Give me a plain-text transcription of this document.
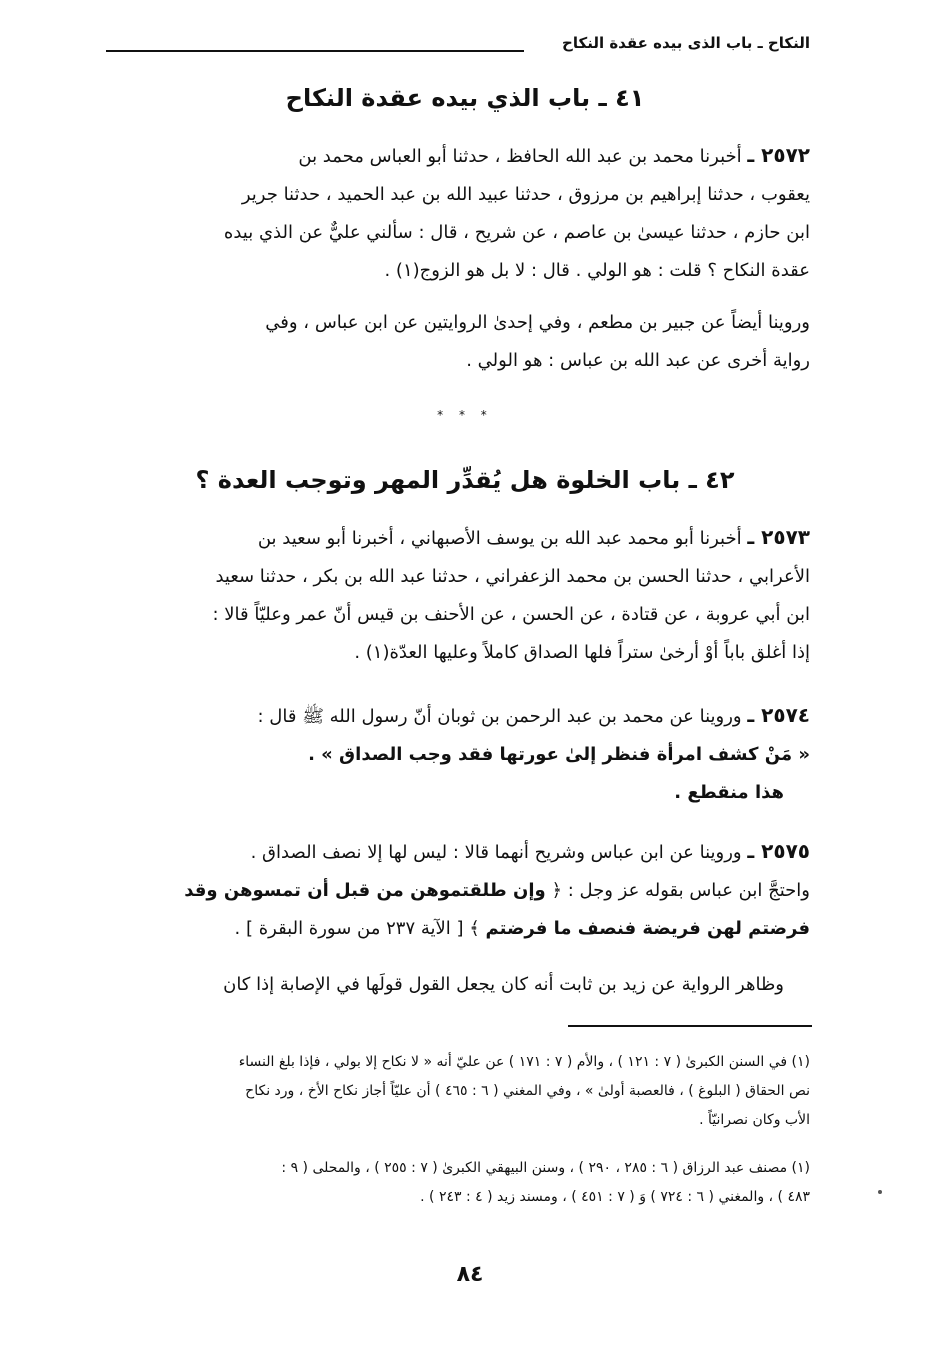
النكاح ـ باب الذى بيده عقدة النكاح
٤١ ـ باب الذي بيده عقدة النكاح
٢٥٧٢ ـ أخبرنا محمد بن عبد الله الحافظ ، حدثنا أبو العباس محمد بن
يعقوب ، حدثنا إبراهيم بن مرزوق ، حدثنا عبيد الله بن عبد الحميد ، حدثنا جرير
ابن حازم ، حدثنا عيسىٰ بن عاصم ، عن شريح ، قال : سألني عليٌّ عن الذي بيده
عقدة النكاح ؟ قلت : هو الولي . قال : لا بل هو الزوج(١) .
وروينا أيضاً عن جبير بن مطعم ، وفي إحدىٰ الروايتين عن ابن عباس ، وفي
رواية أخرى عن عبد الله بن عباس : هو الولي .
* * *
٤٢ ـ باب الخلوة هل يُقدِّر المهر وتوجب العدة ؟
٢٥٧٣ ـ أخبرنا أبو محمد عبد الله بن يوسف الأصبهاني ، أخبرنا أبو سعيد بن
الأعرابي ، حدثنا الحسن بن محمد الزعفراني ، حدثنا عبد الله بن بكر ، حدثنا سعيد
ابن أبي عروبة ، عن قتادة ، عن الحسن ، عن الأحنف بن قيس أنّ عمر وعليّاً قالا :
إذا أغلق باباً أوْ أرخىٰ ستراً فلها الصداق كاملاً وعليها العدّة(١) .
٢٥٧٤ ـ وروينا عن محمد بن عبد الرحمن بن ثوبان أنّ رسول الله ﷺ قال :
« مَنْ كشف امرأة فنظر إلىٰ عورتها فقد وجب الصداق » .
هذا منقطع .
٢٥٧٥ ـ وروينا عن ابن عباس وشريح أنهما قالا : ليس لها إلا نصف الصداق .
واحتجَّ ابن عباس بقوله عز وجل : ﴿ وإن طلقتموهن من قبل أن تمسوهن وقد
فرضتم لهن فريضة فنصف ما فرضتم ﴾ [ الآية ٢٣٧ من سورة البقرة ] .
وظاهر الرواية عن زيد بن ثابت أنه كان يجعل القول قولَها في الإصابة إذا كان
(١) في السنن الكبرىٰ ( ٧ : ١٢١ ) ، والأم ( ٧ : ١٧١ ) عن عليّ أنه « لا نكاح إلا بولي ، فإذا بلغ النساء
نص الحقاق ( البلوغ ) ، فالعصبة أولىٰ » ، وفي المغني ( ٦ : ٤٦٥ ) أن عليّاً أجاز نكاح الأخ ، ورد نكاح
الأب وكان نصرانيّاً .
(١) مصنف عبد الرزاق ( ٦ : ٢٨٥ ، ٢٩٠ ) ، وسنن البيهقي الكبرىٰ ( ٧ : ٢٥٥ ) ، والمحلى ( ٩ :
٤٨٣ ) ، والمغني ( ٦ : ٧٢٤ ) وَ ( ٧ : ٤٥١ ) ، ومسند زيد ( ٤ : ٢٤٣ ) .
٨٤
